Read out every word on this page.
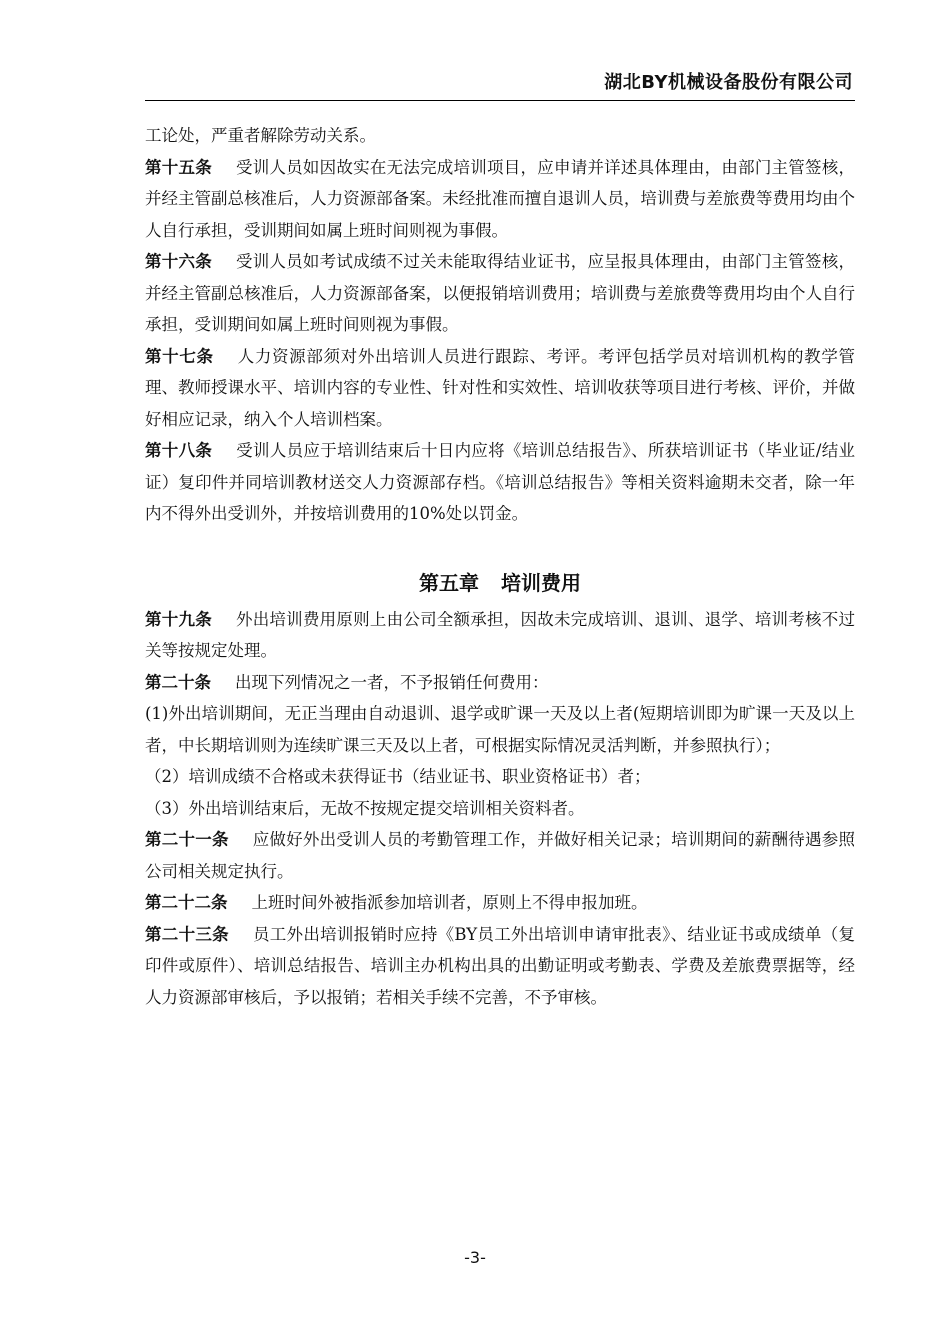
湖北BY机械设备股份有限公司

工论处，严重者解除劳动关系。

第十五条 受训人员如因故实在无法完成培训项目，应申请并详述具体理由，由部门主管签核，并经主管副总核准后，人力资源部备案。未经批准而擅自退训人员，培训费与差旅费等费用均由个人自行承担，受训期间如属上班时间则视为事假。

第十六条 受训人员如考试成绩不过关未能取得结业证书，应呈报具体理由，由部门主管签核，并经主管副总核准后，人力资源部备案，以便报销培训费用；培训费与差旅费等费用均由个人自行承担，受训期间如属上班时间则视为事假。

第十七条 人力资源部须对外出培训人员进行跟踪、考评。考评包括学员对培训机构的教学管理、教师授课水平、培训内容的专业性、针对性和实效性、培训收获等项目进行考核、评价，并做好相应记录，纳入个人培训档案。

第十八条 受训人员应于培训结束后十日内应将《培训总结报告》、所获培训证书（毕业证/结业证）复印件并同培训教材送交人力资源部存档。《培训总结报告》等相关资料逾期未交者，除一年内不得外出受训外，并按培训费用的10%处以罚金。

第五章 培训费用

第十九条 外出培训费用原则上由公司全额承担，因故未完成培训、退训、退学、培训考核不过关等按规定处理。

第二十条 出现下列情况之一者，不予报销任何费用：

(1)外出培训期间，无正当理由自动退训、退学或旷课一天及以上者(短期培训即为旷课一天及以上者，中长期培训则为连续旷课三天及以上者，可根据实际情况灵活判断，并参照执行）；

（2）培训成绩不合格或未获得证书（结业证书、职业资格证书）者；

（3）外出培训结束后，无故不按规定提交培训相关资料者。

第二十一条 应做好外出受训人员的考勤管理工作，并做好相关记录；培训期间的薪酬待遇参照公司相关规定执行。

第二十二条 上班时间外被指派参加培训者，原则上不得申报加班。

第二十三条 员工外出培训报销时应持《BY员工外出培训申请审批表》、结业证书或成绩单（复印件或原件）、培训总结报告、培训主办机构出具的出勤证明或考勤表、学费及差旅费票据等，经人力资源部审核后，予以报销；若相关手续不完善，不予审核。

-3-
